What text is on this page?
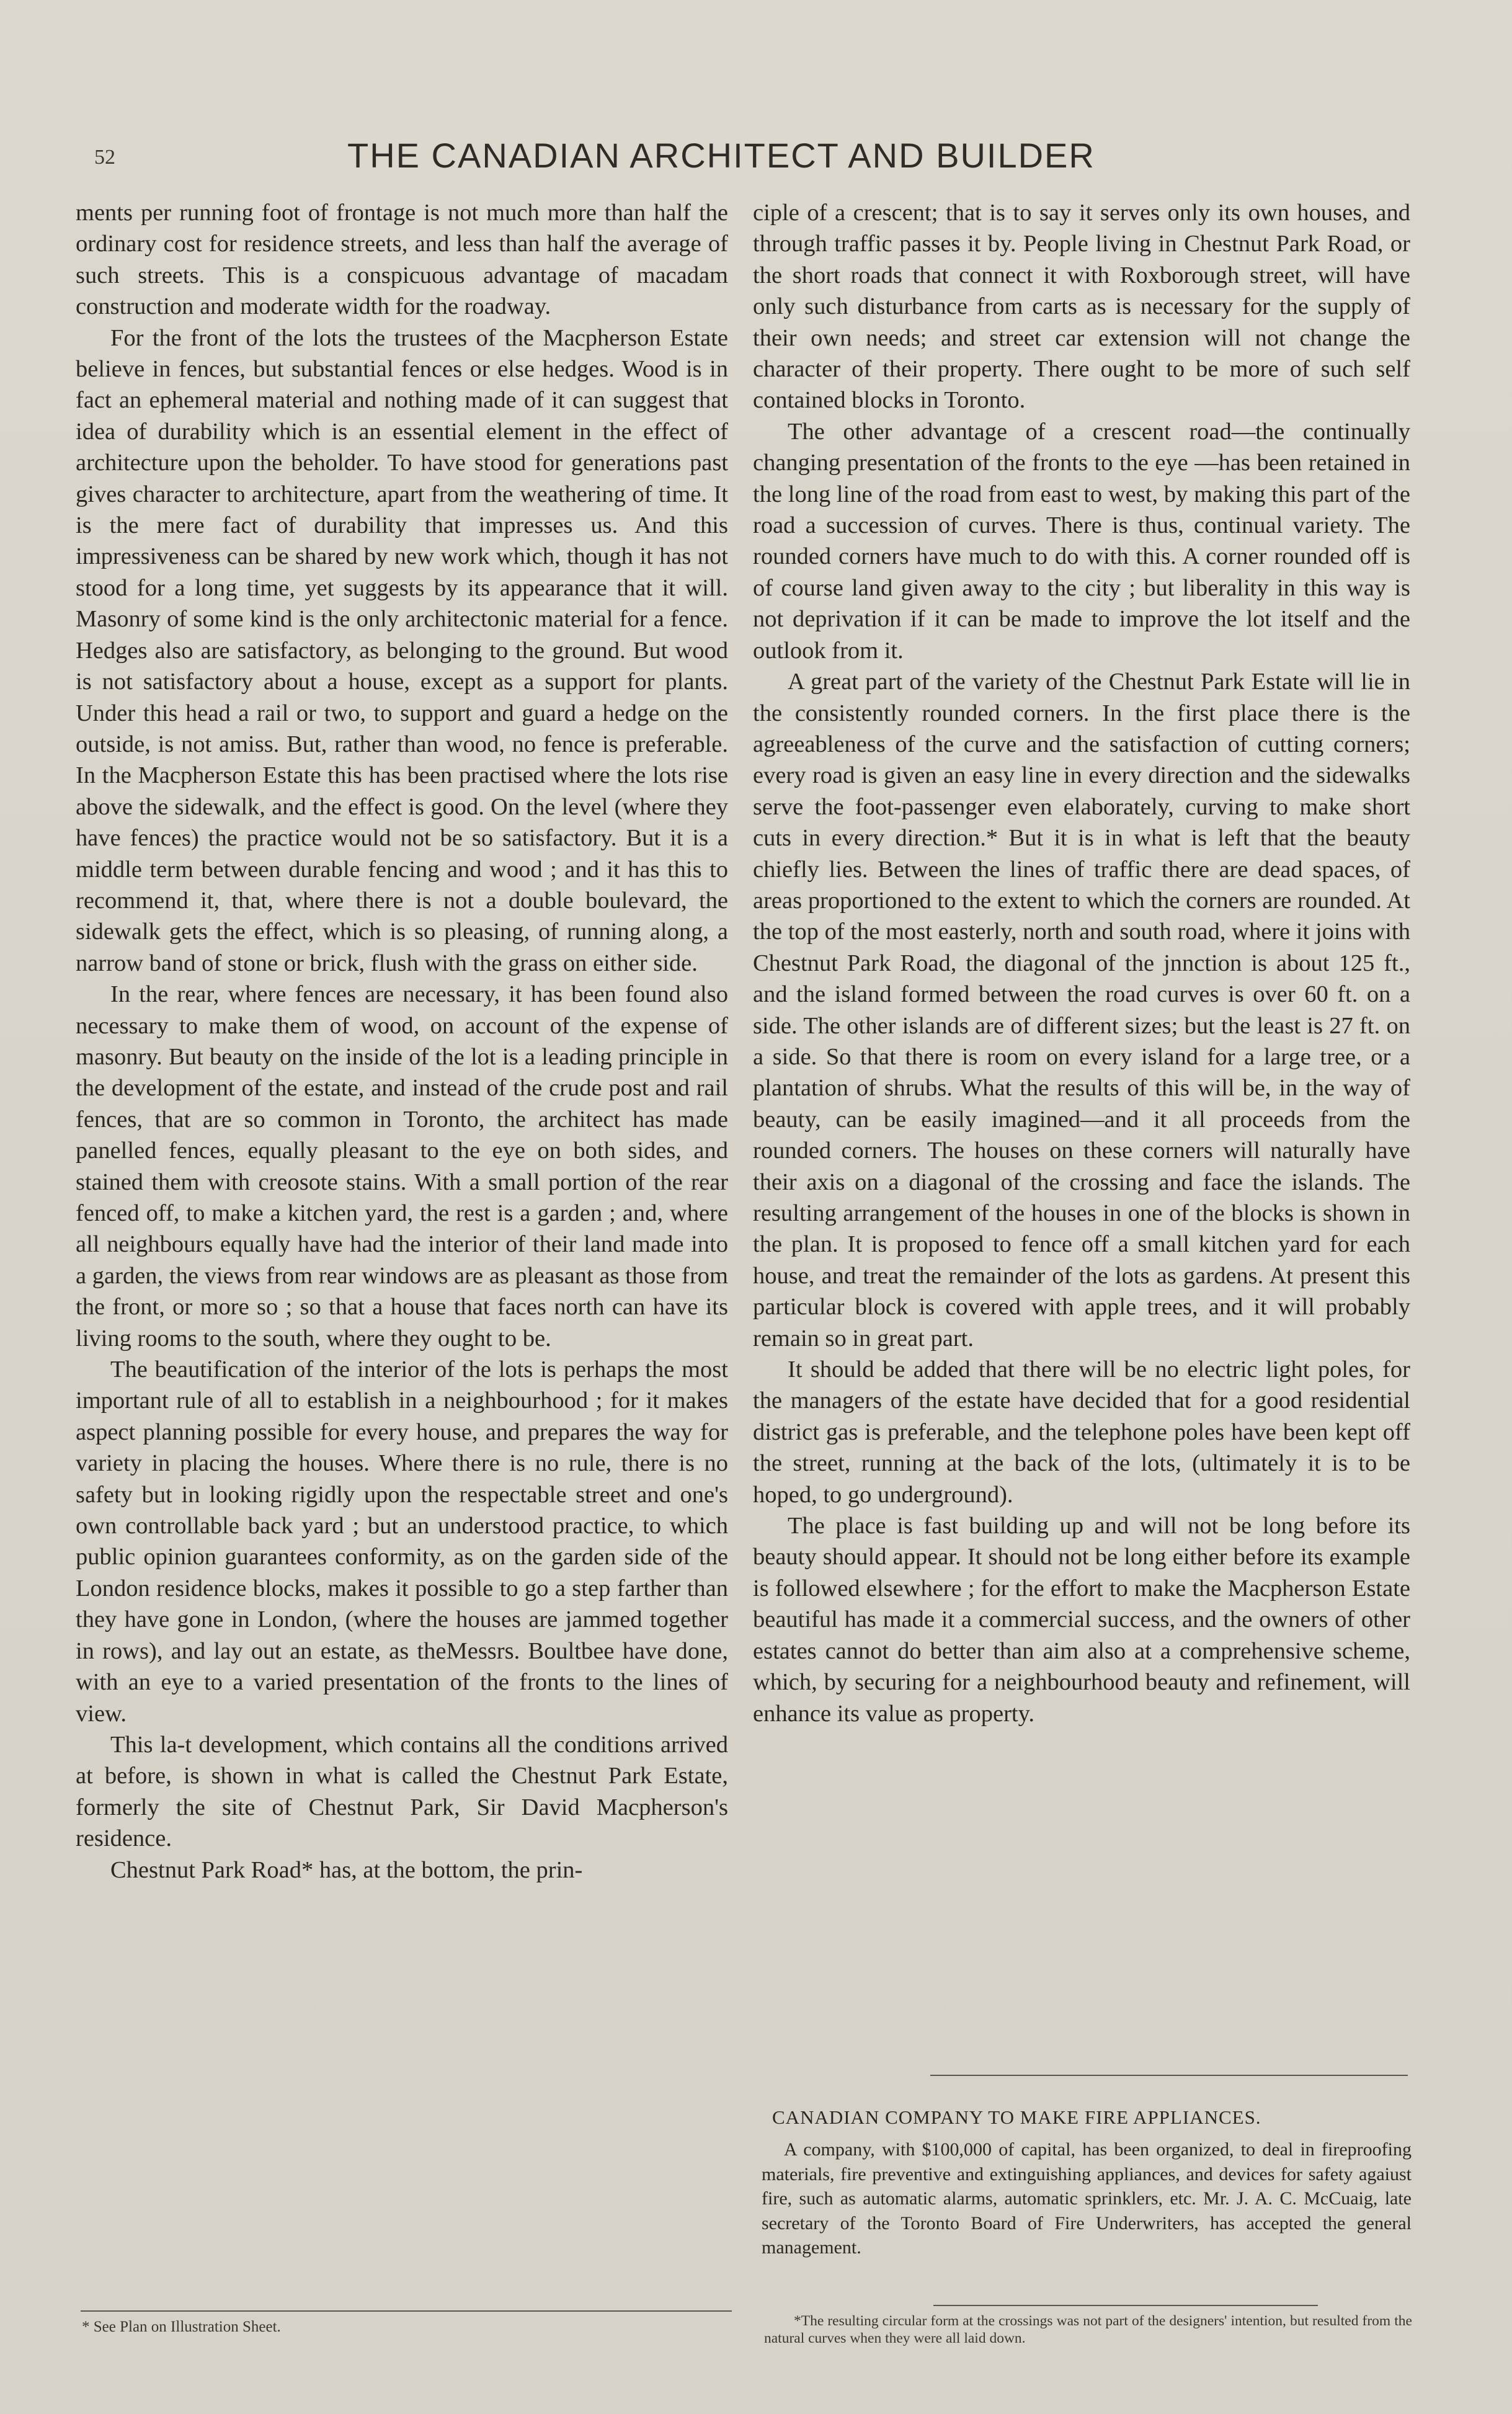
52	THE CANADIAN ARCHITECT AND BUILDER

ments per running foot of frontage is not much more than half the ordinary cost for residence streets, and less than half the average of such streets. This is a conspicuous advantage of macadam construction and moderate width for the roadway.

For the front of the lots the trustees of the Macpherson Estate believe in fences, but substantial fences or else hedges. Wood is in fact an ephemeral material and nothing made of it can suggest that idea of durability which is an essential element in the effect of architecture upon the beholder. To have stood for generations past gives character to architecture, apart from the weathering of time. It is the mere fact of durability that impresses us. And this impressiveness can be shared by new work which, though it has not stood for a long time, yet suggests by its appearance that it will. Masonry of some kind is the only architectonic material for a fence. Hedges also are satisfactory, as belonging to the ground. But wood is not satisfactory about a house, except as a support for plants. Under this head a rail or two, to support and guard a hedge on the outside, is not amiss. But, rather than wood, no fence is preferable. In the Macpherson Estate this has been practised where the lots rise above the sidewalk, and the effect is good. On the level (where they have fences) the practice would not be so satisfactory. But it is a middle term between durable fencing and wood ; and it has this to recommend it, that, where there is not a double boulevard, the sidewalk gets the effect, which is so pleasing, of running along, a narrow band of stone or brick, flush with the grass on either side.

In the rear, where fences are necessary, it has been found also necessary to make them of wood, on account of the expense of masonry. But beauty on the inside of the lot is a leading principle in the development of the estate, and instead of the crude post and rail fences, that are so common in Toronto, the architect has made panelled fences, equally pleasant to the eye on both sides, and stained them with creosote stains. With a small portion of the rear fenced off, to make a kitchen yard, the rest is a garden ; and, where all neighbours equally have had the interior of their land made into a garden, the views from rear windows are as pleasant as those from the front, or more so ; so that a house that faces north can have its living rooms to the south, where they ought to be.

The beautification of the interior of the lots is perhaps the most important rule of all to establish in a neighbourhood ; for it makes aspect planning possible for every house, and prepares the way for variety in placing the houses. Where there is no rule, there is no safety but in looking rigidly upon the respectable street and one's own controllable back yard ; but an understood practice, to which public opinion guarantees conformity, as on the garden side of the London residence blocks, makes it possible to go a step farther than they have gone in London, (where the houses are jammed together in rows), and lay out an estate, as theMessrs. Boultbee have done, with an eye to a varied presentation of the fronts to the lines of view.

This la-t development, which contains all the conditions arrived at before, is shown in what is called the Chestnut Park Estate, formerly the site of Chestnut Park, Sir David Macpherson's residence.

Chestnut Park Road* has, at the bottom, the prin-

* See Plan on Illustration Sheet.

ciple of a crescent; that is to say it serves only its own houses, and through traffic passes it by. People living in Chestnut Park Road, or the short roads that connect it with Roxborough street, will have only such disturbance from carts as is necessary for the supply of their own needs; and street car extension will not change the character of their property. There ought to be more of such self contained blocks in Toronto.

The other advantage of a crescent road—the continually changing presentation of the fronts to the eye —has been retained in the long line of the road from east to west, by making this part of the road a succession of curves. There is thus, continual variety. The rounded corners have much to do with this. A corner rounded off is of course land given away to the city ; but liberality in this way is not deprivation if it can be made to improve the lot itself and the outlook from it.

A great part of the variety of the Chestnut Park Estate will lie in the consistently rounded corners. In the first place there is the agreeableness of the curve and the satisfaction of cutting corners; every road is given an easy line in every direction and the sidewalks serve the foot-passenger even elaborately, curving to make short cuts in every direction.* But it is in what is left that the beauty chiefly lies. Between the lines of traffic there are dead spaces, of areas proportioned to the extent to which the corners are rounded. At the top of the most easterly, north and south road, where it joins with Chestnut Park Road, the diagonal of the jnnction is about 125 ft., and the island formed between the road curves is over 60 ft. on a side. The other islands are of different sizes; but the least is 27 ft. on a side. So that there is room on every island for a large tree, or a plantation of shrubs. What the results of this will be, in the way of beauty, can be easily imagined—and it all proceeds from the rounded corners. The houses on these corners will naturally have their axis on a diagonal of the crossing and face the islands. The resulting arrangement of the houses in one of the blocks is shown in the plan. It is proposed to fence off a small kitchen yard for each house, and treat the remainder of the lots as gardens. At present this particular block is covered with apple trees, and it will probably remain so in great part.

It should be added that there will be no electric light poles, for the managers of the estate have decided that for a good residential district gas is preferable, and the telephone poles have been kept off the street, running at the back of the lots, (ultimately it is to be hoped, to go underground).

The place is fast building up and will not be long before its beauty should appear. It should not be long either before its example is followed elsewhere ; for the effort to make the Macpherson Estate beautiful has made it a commercial success, and the owners of other estates cannot do better than aim also at a comprehensive scheme, which, by securing for a neighbourhood beauty and refinement, will enhance its value as property.

CANADIAN COMPANY TO MAKE FIRE APPLIANCES.
A company, with $100,000 of capital, has been organized, to deal in fireproofing materials, fire preventive and extinguishing appliances, and devices for safety agaiust fire, such as automatic alarms, automatic sprinklers, etc. Mr. J. A. C. McCuaig, late secretary of the Toronto Board of Fire Underwriters, has accepted the general management.
*The resulting circular form at the crossings was not part of the designers' intention, but resulted from the natural curves when they were all laid down.
